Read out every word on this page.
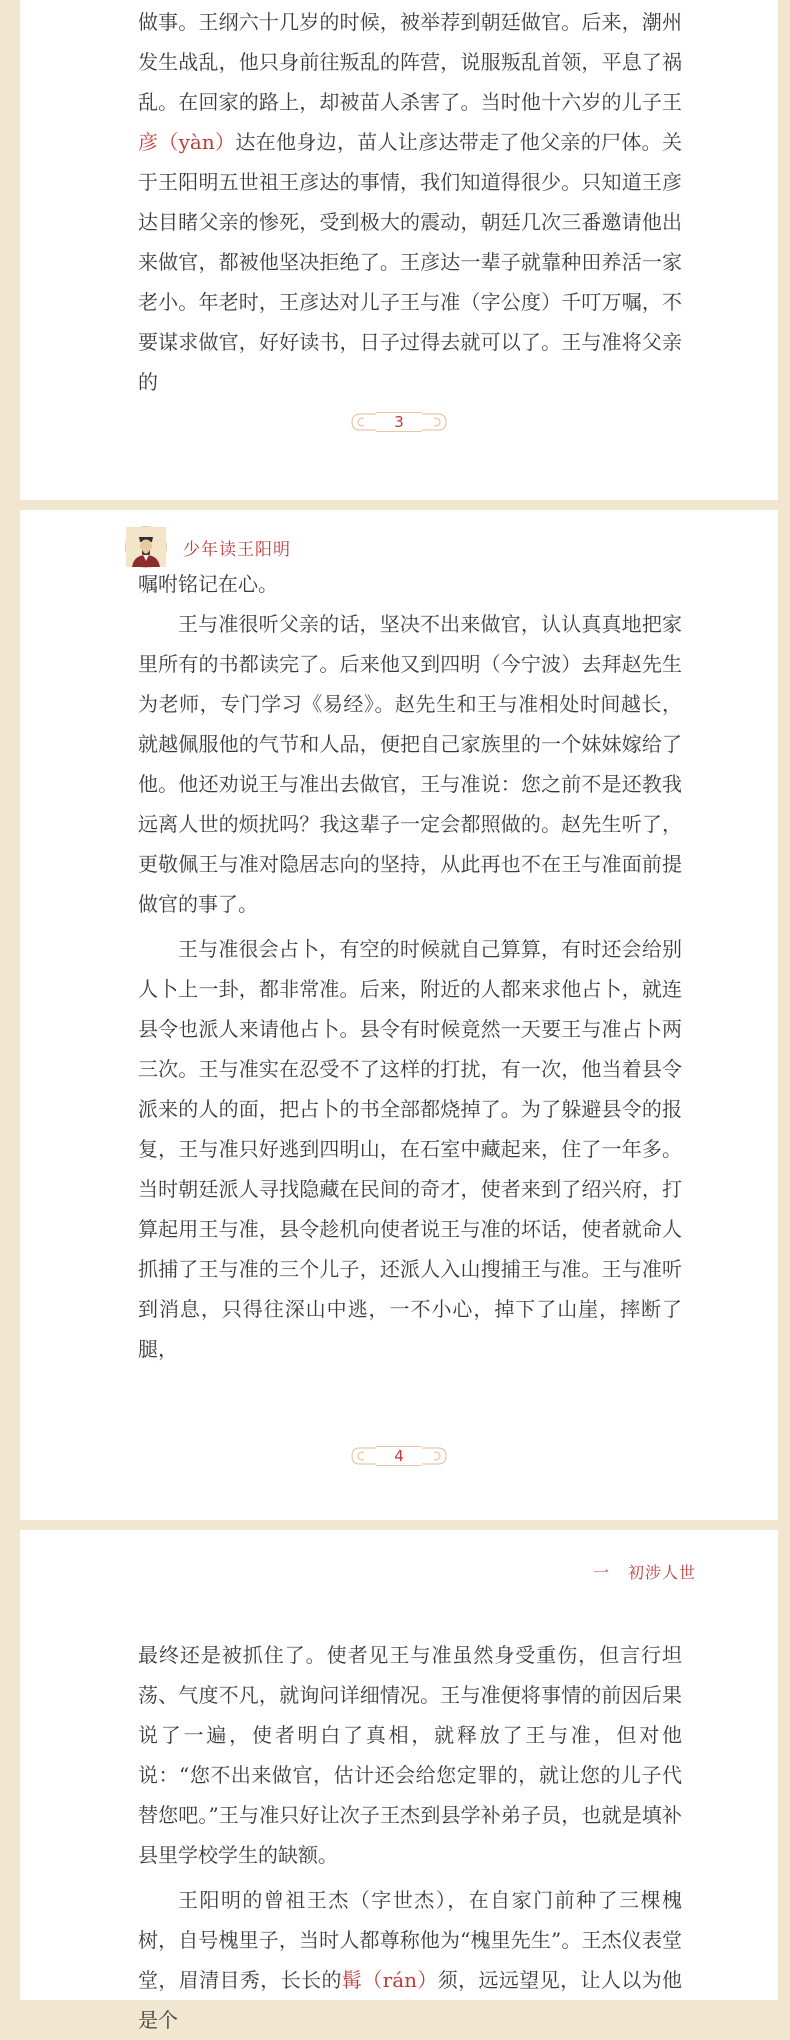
做事。王纲六十几岁的时候，被举荐到朝廷做官。后来，潮州发生战乱，他只身前往叛乱的阵营，说服叛乱首领，平息了祸乱。在回家的路上，却被苗人杀害了。当时他十六岁的儿子王彦（yàn）达在他身边，苗人让彦达带走了他父亲的尸体。关于王阳明五世祖王彦达的事情，我们知道得很少。只知道王彦达目睹父亲的惨死，受到极大的震动，朝廷几次三番邀请他出来做官，都被他坚决拒绝了。王彦达一辈子就靠种田养活一家老小。年老时，王彦达对儿子王与准（字公度）千叮万嘱，不要谋求做官，好好读书，日子过得去就可以了。王与准将父亲的

3
少年读王阳明

嘱咐铭记在心。

王与准很听父亲的话，坚决不出来做官，认认真真地把家里所有的书都读完了。后来他又到四明（今宁波）去拜赵先生为老师，专门学习《易经》。赵先生和王与准相处时间越长，就越佩服他的气节和人品，便把自己家族里的一个妹妹嫁给了他。他还劝说王与准出去做官，王与准说：您之前不是还教我远离人世的烦扰吗？我这辈子一定会都照做的。赵先生听了，更敬佩王与准对隐居志向的坚持，从此再也不在王与准面前提做官的事了。

王与准很会占卜，有空的时候就自己算算，有时还会给别人卜上一卦，都非常准。后来，附近的人都来求他占卜，就连县令也派人来请他占卜。县令有时候竟然一天要王与准占卜两三次。王与准实在忍受不了这样的打扰，有一次，他当着县令派来的人的面，把占卜的书全部都烧掉了。为了躲避县令的报复，王与准只好逃到四明山，在石室中藏起来，住了一年多。当时朝廷派人寻找隐藏在民间的奇才，使者来到了绍兴府，打算起用王与准，县令趁机向使者说王与准的坏话，使者就命人抓捕了王与准的三个儿子，还派人入山搜捕王与准。王与准听到消息，只得往深山中逃，一不小心，掉下了山崖，摔断了腿，

4
一 初涉人世

最终还是被抓住了。使者见王与准虽然身受重伤，但言行坦荡、气度不凡，就询问详细情况。王与准便将事情的前因后果说了一遍，使者明白了真相，就释放了王与准，但对他说：“您不出来做官，估计还会给您定罪的，就让您的儿子代替您吧。”王与准只好让次子王杰到县学补弟子员，也就是填补县里学校学生的缺额。

王阳明的曾祖王杰（字世杰），在自家门前种了三棵槐树，自号槐里子，当时人都尊称他为“槐里先生”。王杰仪表堂堂，眉清目秀，长长的髯（rán）须，远远望见，让人以为他是个
